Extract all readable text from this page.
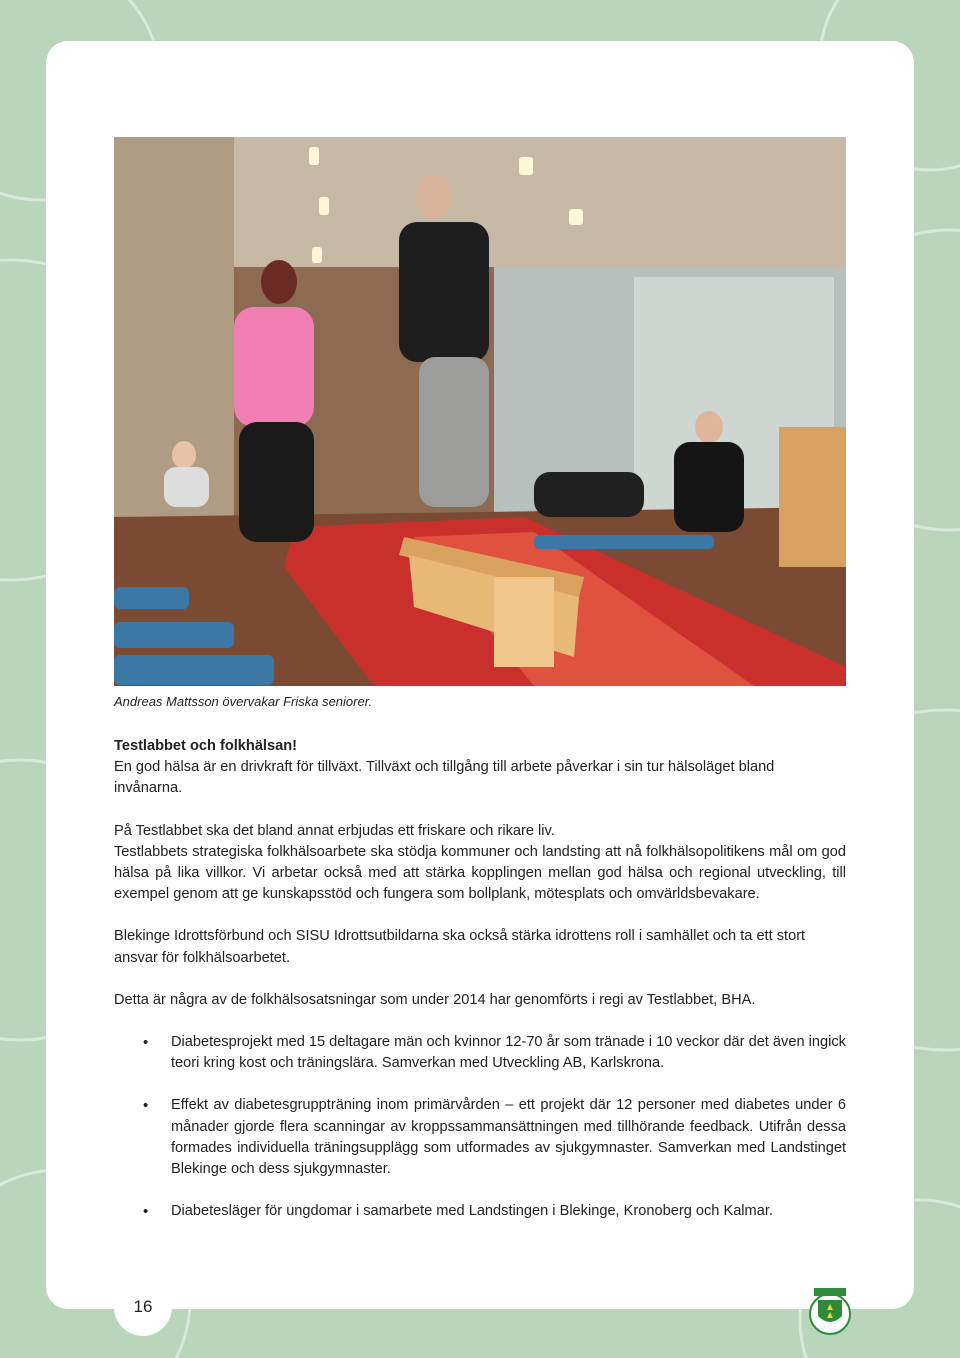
Andreas Mattsson övervakar Friska seniorer.

Testlabbet och folkhälsan!

En god hälsa är en drivkraft för tillväxt. Tillväxt och tillgång till arbete påverkar i sin tur hälsoläget bland invånarna.

På Testlabbet ska det bland annat erbjudas ett friskare och rikare liv.

Testlabbets strategiska folkhälsoarbete ska stödja kommuner och landsting att nå folkhälsopolitikens mål om god hälsa på lika villkor. Vi arbetar också med att stärka kopplingen mellan god hälsa och regional utveckling, till exempel genom att ge kunskapsstöd och fungera som bollplank, mötesplats och omvärldsbevakare.

Blekinge Idrottsförbund och SISU Idrottsutbildarna ska också stärka idrottens roll i samhället och ta ett stort ansvar för folkhälsoarbetet.

Detta är några av de folkhälsosatsningar som under 2014 har genomförts i regi av Testlabbet, BHA.

• Diabetesprojekt med 15 deltagare män och kvinnor 12-70 år som tränade i 10 veckor där det även ingick teori kring kost och träningslära. Samverkan med Utveckling AB, Karlskrona.
• Effekt av diabetesgruppträning inom primärvården – ett projekt där 12 personer med diabetes under 6 månader gjorde flera scanningar av kroppssammansättningen med tillhörande feedback. Utifrån dessa formades individuella träningsupplägg som utformades av sjukgymnaster. Samverkan med Landstinget Blekinge och dess sjukgymnaster.
• Diabetesläger för ungdomar i samarbete med Landstingen i Blekinge, Kronoberg och Kalmar.
16
